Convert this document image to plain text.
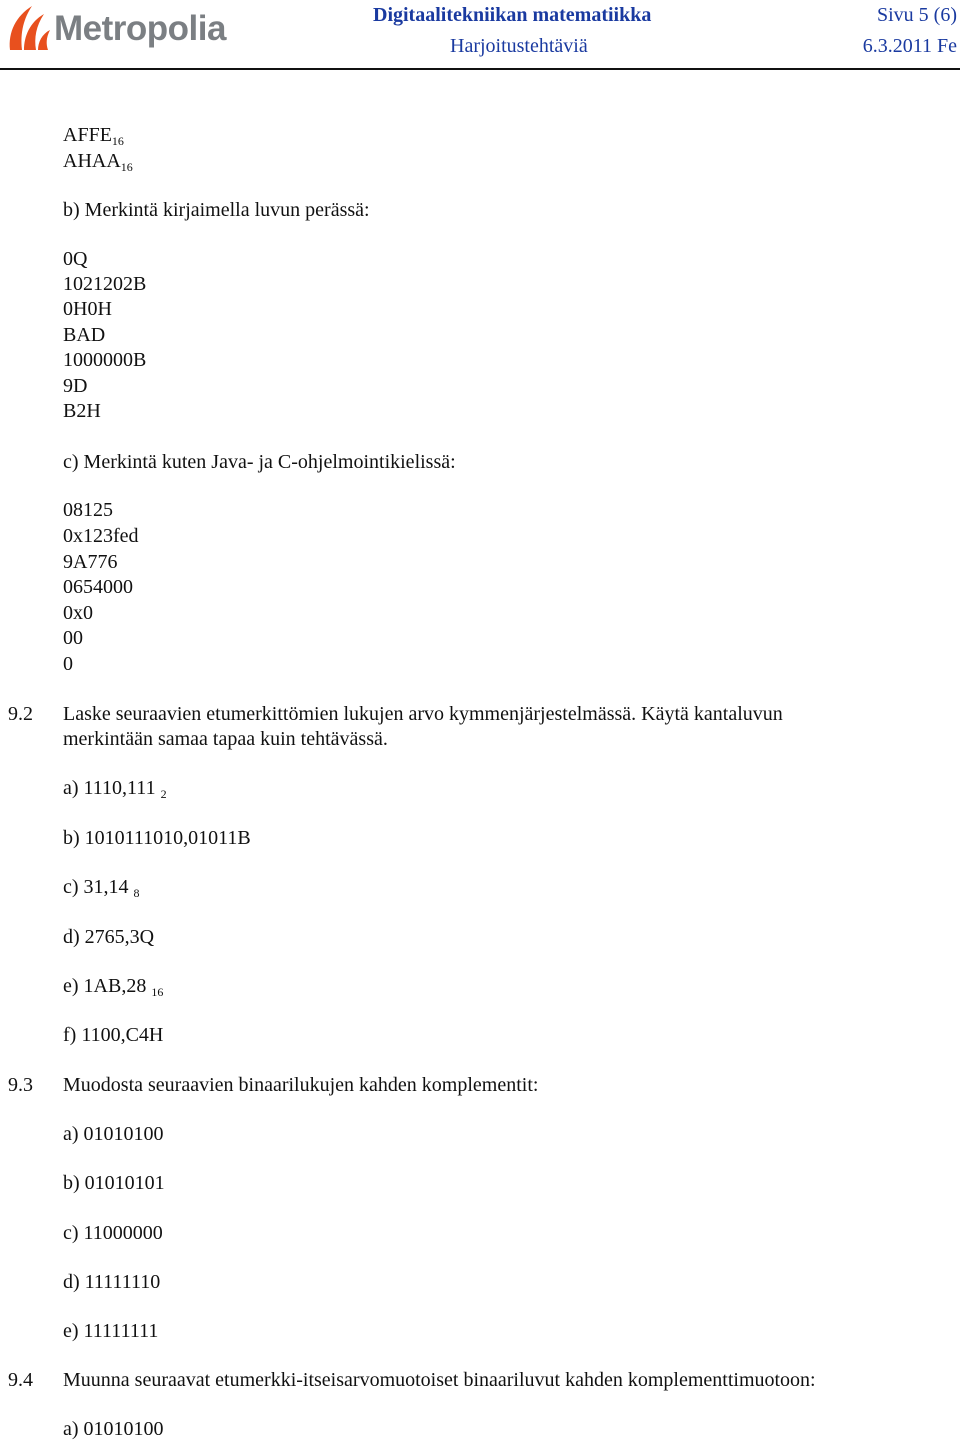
Metropolia	Digitaalitekniikan matematiikka	Sivu 5 (6)
Harjoitustehtäviä	6.3.2011 Fe
$AFFE_{16}$
$AHAA_{16}$
b) Merkintä kirjaimella luvun perässä:
0Q
1021202B
0H0H
BAD
1000000B
9D
B2H
c) Merkintä kuten Java- ja C-ohjelmointikielissä:
08125
0x123fed
9A776
0654000
0x0
00
0
9.2 Laske seuraavien etumerkittömien lukujen arvo kymmenjärjestelmässä. Käytä kantaluvun
merkintään samaa tapaa kuin tehtävässä.
a) 1110,111 $_2$
b) 1010111010,01011B
c) 31,14 $_8$
d) 2765,3Q
e) 1AB,28 $_{16}$
f) 1100,C4H
9.3 Muodosta seuraavien binaarilukujen kahden komplementit:
a) 01010100
b) 01010101
c) 11000000
d) 11111110
e) 11111111
9.4 Muunna seuraavat etumerkki-itseisarvomuotoiset binaariluvut kahden komplementtimuotoon:
a) 01010100
